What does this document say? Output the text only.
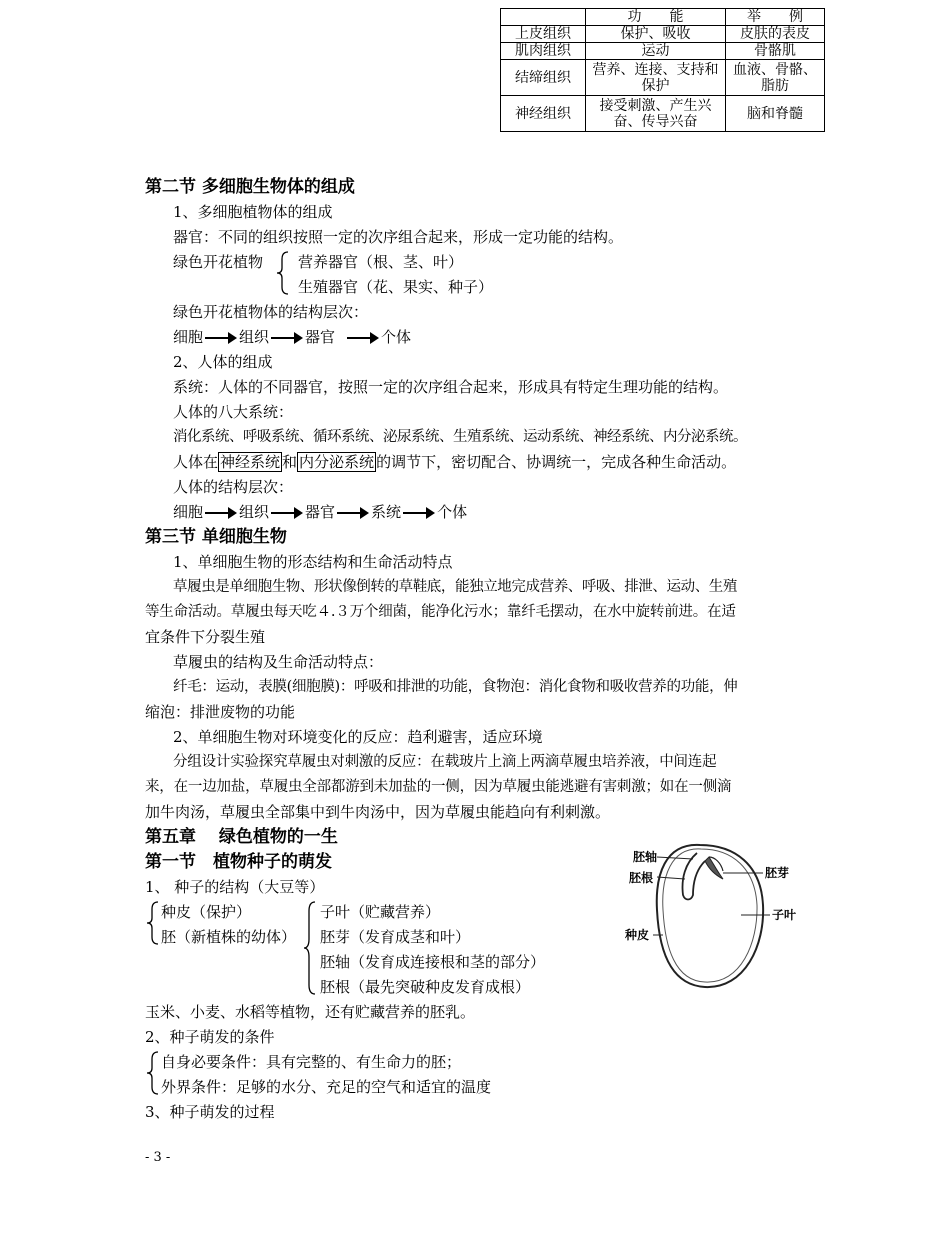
	功　　能	举　　例
上皮组织	保护、吸收	皮肤的表皮
肌肉组织	运动	骨骼肌
结缔组织	营养、连接、支持和保护	血液、骨骼、脂肪
神经组织	接受刺激、产生兴奋、传导兴奋	脑和脊髓
第二节 多细胞生物体的组成
1、多细胞植物体的组成
器官：不同的组织按照一定的次序组合起来，形成一定功能的结构。
绿色开花植物 营养器官（根、茎、叶）
生殖器官（花、果实、种子）
绿色开花植物体的结构层次：
细胞 组织 器官	个体
2、人体的组成
系统：人体的不同器官，按照一定的次序组合起来，形成具有特定生理功能的结构。
人体的八大系统：
消化系统、呼吸系统、循环系统、泌尿系统、生殖系统、运动系统、神经系统、内分泌系统。
人体在 神经系统 和 内分泌系统 的调节下，密切配合、协调统一，完成各种生命活动。
人体的结构层次：
细胞 组织 器官 系统 个体
第三节 单细胞生物
1、单细胞生物的形态结构和生命活动特点
草履虫是单细胞生物、形状像倒转的草鞋底，能独立地完成营养、呼吸、排泄、运动、生殖
等生命活动。草履虫每天吃４.３万个细菌，能净化污水；靠纤毛摆动，在水中旋转前进。在适
宜条件下分裂生殖
草履虫的结构及生命活动特点：
纤毛：运动，表膜(细胞膜)：呼吸和排泄的功能，食物泡：消化食物和吸收营养的功能，伸
缩泡：排泄废物的功能
2、单细胞生物对环境变化的反应：趋利避害，适应环境
分组设计实验探究草履虫对刺激的反应：在载玻片上滴上两滴草履虫培养液，中间连起
来，在一边加盐，草履虫全部都游到未加盐的一侧，因为草履虫能逃避有害刺激；如在一侧滴
加牛肉汤，草履虫全部集中到牛肉汤中，因为草履虫能趋向有利刺激。
第五章　 绿色植物的一生
第一节　植物种子的萌发
1、 种子的结构（大豆等）
种皮（保护）
胚（新植株的幼体）
子叶（贮藏营养）
胚芽（发育成茎和叶）
胚轴（发育成连接根和茎的部分）
胚根（最先突破种皮发育成根）
玉米、小麦、水稻等植物，还有贮藏营养的胚乳。
2、种子萌发的条件
自身必要条件：具有完整的、有生命力的胚；
外界条件：足够的水分、充足的空气和适宜的温度
3、种子萌发的过程
胚轴
胚根	胚芽
子叶
种皮
- 3 -
